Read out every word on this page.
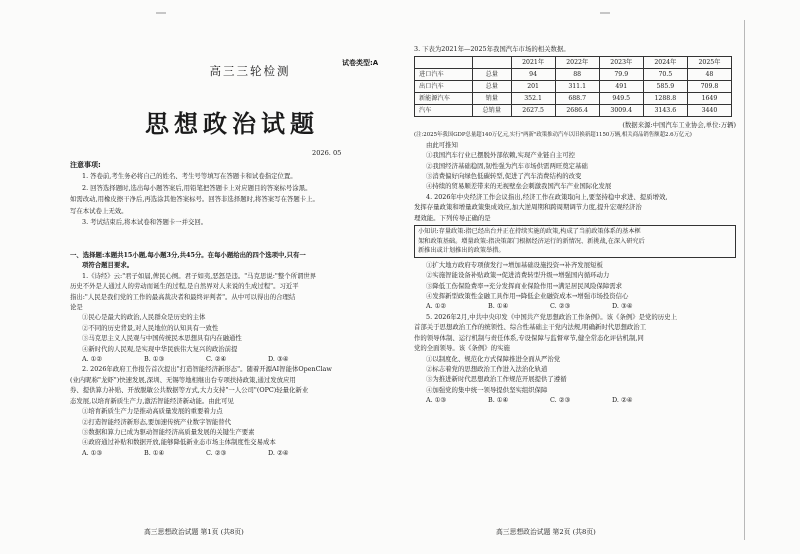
试卷类型:A
高三三轮检测
思想政治试题
2026. 05
注意事项:
1. 答卷前,考生务必将自己的姓名、考生号等填写在答题卡和试卷指定位置。
2. 回答选择题时,选出每小题答案后,用铅笔把答题卡上对应题目的答案标号涂黑。
如需改动,用橡皮擦干净后,再选涂其他答案标号。回答非选择题时,将答案写在答题卡上。
写在本试卷上无效。
3. 考试结束后,将本试卷和答题卡一并交回。
一、选择题:本题共15小题,每小题3分,共45分。在每小题给出的四个选项中,只有一
项符合题目要求。
1.《诗经》云:"君子如届,俾民心阕。君子如夷,恶怒是违。"马克思说:"整个所谓世界
历史不外是人通过人的劳动而诞生的过程,是自然界对人来说的生成过程"。习近平
指出:"人民是我们党的工作的最高裁决者和最终评判者"。从中可以得出的合理结
论是
①民心是最大的政治,人民群众是历史的主体
②不同的历史背景,对人民地位的认知具有一致性
③马克思主义人民观与中国传统民本思想具有内在融通性
④新时代的人民观,是实现中华民族伟大复兴的政治前提
A. ①②	B. ①③	C. ②④	D. ③④
2. 2026年政府工作报告首次提出"打造智能经济新形态"。随着开源AI智能体OpenClaw
(业内昵称"龙虾")快速发展,深圳、无锡等地相继出台专项扶持政策,通过发放应用
券、提供算力补贴、开放脱敏公共数据等方式,大力支持"一人公司"(OPC)轻量化新业
态发展,以培育新质生产力,激活智能经济新动能。由此可见
①培育新质生产力是推动高质量发展的重要着力点
②打造智能经济新形态,要加速传统产业数字智能替代
③数据和算力已成为驱动智能经济高质量发展的关键生产要素
④政府通过补贴和数据开放,能够降低新业态市场主体制度性交易成本
A. ①③	B. ①④	C. ②③	D. ②④
高三思想政治试题 第1页 (共8页)
3. 下表为2021年—2025年我国汽车市场的相关数据。
		2021年	2022年	2023年	2024年	2025年
进口汽车	总量	94	88	79.9	70.5	48
出口汽车	总量	201	311.1	491	585.9	709.8
新能源汽车	销量	352.1	688.7	949.5	1288.8	1649
汽车	总销量	2627.5	2686.4	3009.4	3143.6	3440
(数据来源:中国汽车工业协会,单位:万辆)
(注:2025年我国GDP总量超140万亿元,实行"两新"政策推动汽车以旧换新超1150万辆,相关商品销售额超2.6万亿元)
由此可推知
①我国汽车行业已摆脱外部依赖,实现产业链自主可控
②我国经济基础稳固,韧性强为汽车市场供需两旺奠定基础
③消费偏好向绿色低碳转型,促进了汽车消费结构的改变
④持续的贸易顺差带来的无视壁垒会刺激我国汽车产业国际化发展
4. 2026年中央经济工作会议指出,经济工作在政策取向上,要坚持稳中求进、提质增效,
发挥存量政策和增量政策集成效应,加大逆周期和跨周期调节力度,提升宏观经济治
理效能。下列传导正确的是
小知识:存量政策:指已经出台并正在持续实施的政策,构成了当前政策体系的基本框
架和政策基础。增量政策:指决策部门根据经济运行的新情况、新挑战,在深入研究后
新推出或计划推出的政策举措。
①扩大地方政府专项债发行→增加基础设施投资→补齐发展短板
②实施智能设备补贴政策→促进消费转型升级→增强国内循环动力
③降低工伤保险费率→充分发挥商业保险作用→满足居民风险保障需求
④发挥新型政策性金融工具作用→降低企业融资成本→增强市场投资信心
A. ①②	B. ①④	C. ②③	D. ③④
5. 2026年2月,中共中央印发《中国共产党思想政治工作条例》。该《条例》是党的历史上
首部关于思想政治工作的统领性、综合性基础主干党内法规,明确新时代思想政治工
作的领导体制、运行机制与责任体系,专设保障与监督章节,健全常态化评估机制,同
党的全面领导。该《条例》的实施
①以制度化、规范化方式保障推进全面从严治党
②标志着党的思想政治工作进入法治化轨道
③为推进新时代思想政治工作规范开展提供了遵循
④加强党的集中统一领导提供坚实组织保障
A. ①③	B. ①④	C. ②③	D. ②④
高三思想政治试题 第2页 (共8页)
